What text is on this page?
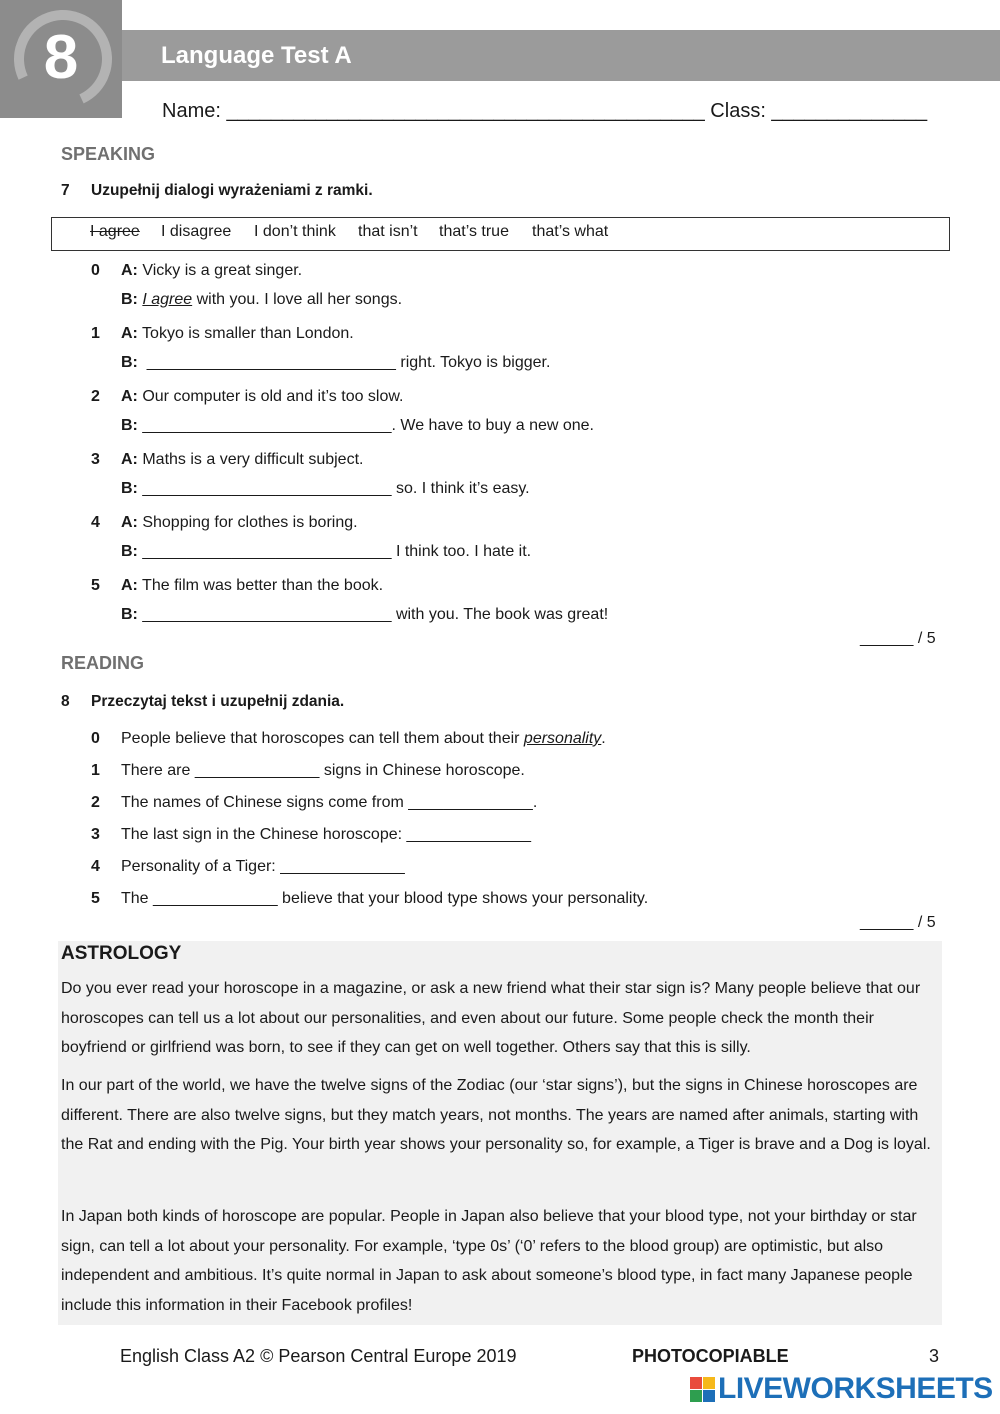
8	Language Test A
Name: ___________________________________________ Class: ______________
SPEAKING
7 Uzupełnij dialogi wyrażeniami z ramki.
I agree I disagree I don’t think that isn’t that’s true that’s what
0 A: Vicky is a great singer.
B: I agree with you. I love all her songs.
1 A: Tokyo is smaller than London.
B:  ____________________________ right. Tokyo is bigger.
2 A: Our computer is old and it’s too slow.
B: ____________________________. We have to buy a new one.
3 A: Maths is a very difficult subject.
B: ____________________________ so. I think it’s easy.
4 A: Shopping for clothes is boring.
B: ____________________________ I think too. I hate it.
5 A: The film was better than the book.
B: ____________________________ with you. The book was great!
______ / 5
READING
8 Przeczytaj tekst i uzupełnij zdania.
0 People believe that horoscopes can tell them about their personality.
1 There are ______________ signs in Chinese horoscope.
2 The names of Chinese signs come from ______________.
3 The last sign in the Chinese horoscope: ______________
4 Personality of a Tiger: ______________
5 The ______________ believe that your blood type shows your personality.
______ / 5
ASTROLOGY
Do you ever read your horoscope in a magazine, or ask a new friend what their star sign is? Many people believe that our horoscopes can tell us a lot about our personalities, and even about our future. Some people check the month their boyfriend or girlfriend was born, to see if they can get on well together. Others say that this is silly.
In our part of the world, we have the twelve signs of the Zodiac (our ‘star signs’), but the signs in Chinese horoscopes are different. There are also twelve signs, but they match years, not months. The years are named after animals, starting with the Rat and ending with the Pig. Your birth year shows your personality so, for example, a Tiger is brave and a Dog is loyal.
In Japan both kinds of horoscope are popular. People in Japan also believe that your blood type, not your birthday or star sign, can tell a lot about your personality. For example, ‘type 0s’ (‘0’ refers to the blood group) are optimistic, but also independent and ambitious. It’s quite normal in Japan to ask about someone’s blood type, in fact many Japanese people include this information in their Facebook profiles!
English Class A2 © Pearson Central Europe 2019	PHOTOCOPIABLE	3
LIVEWORKSHEETS
